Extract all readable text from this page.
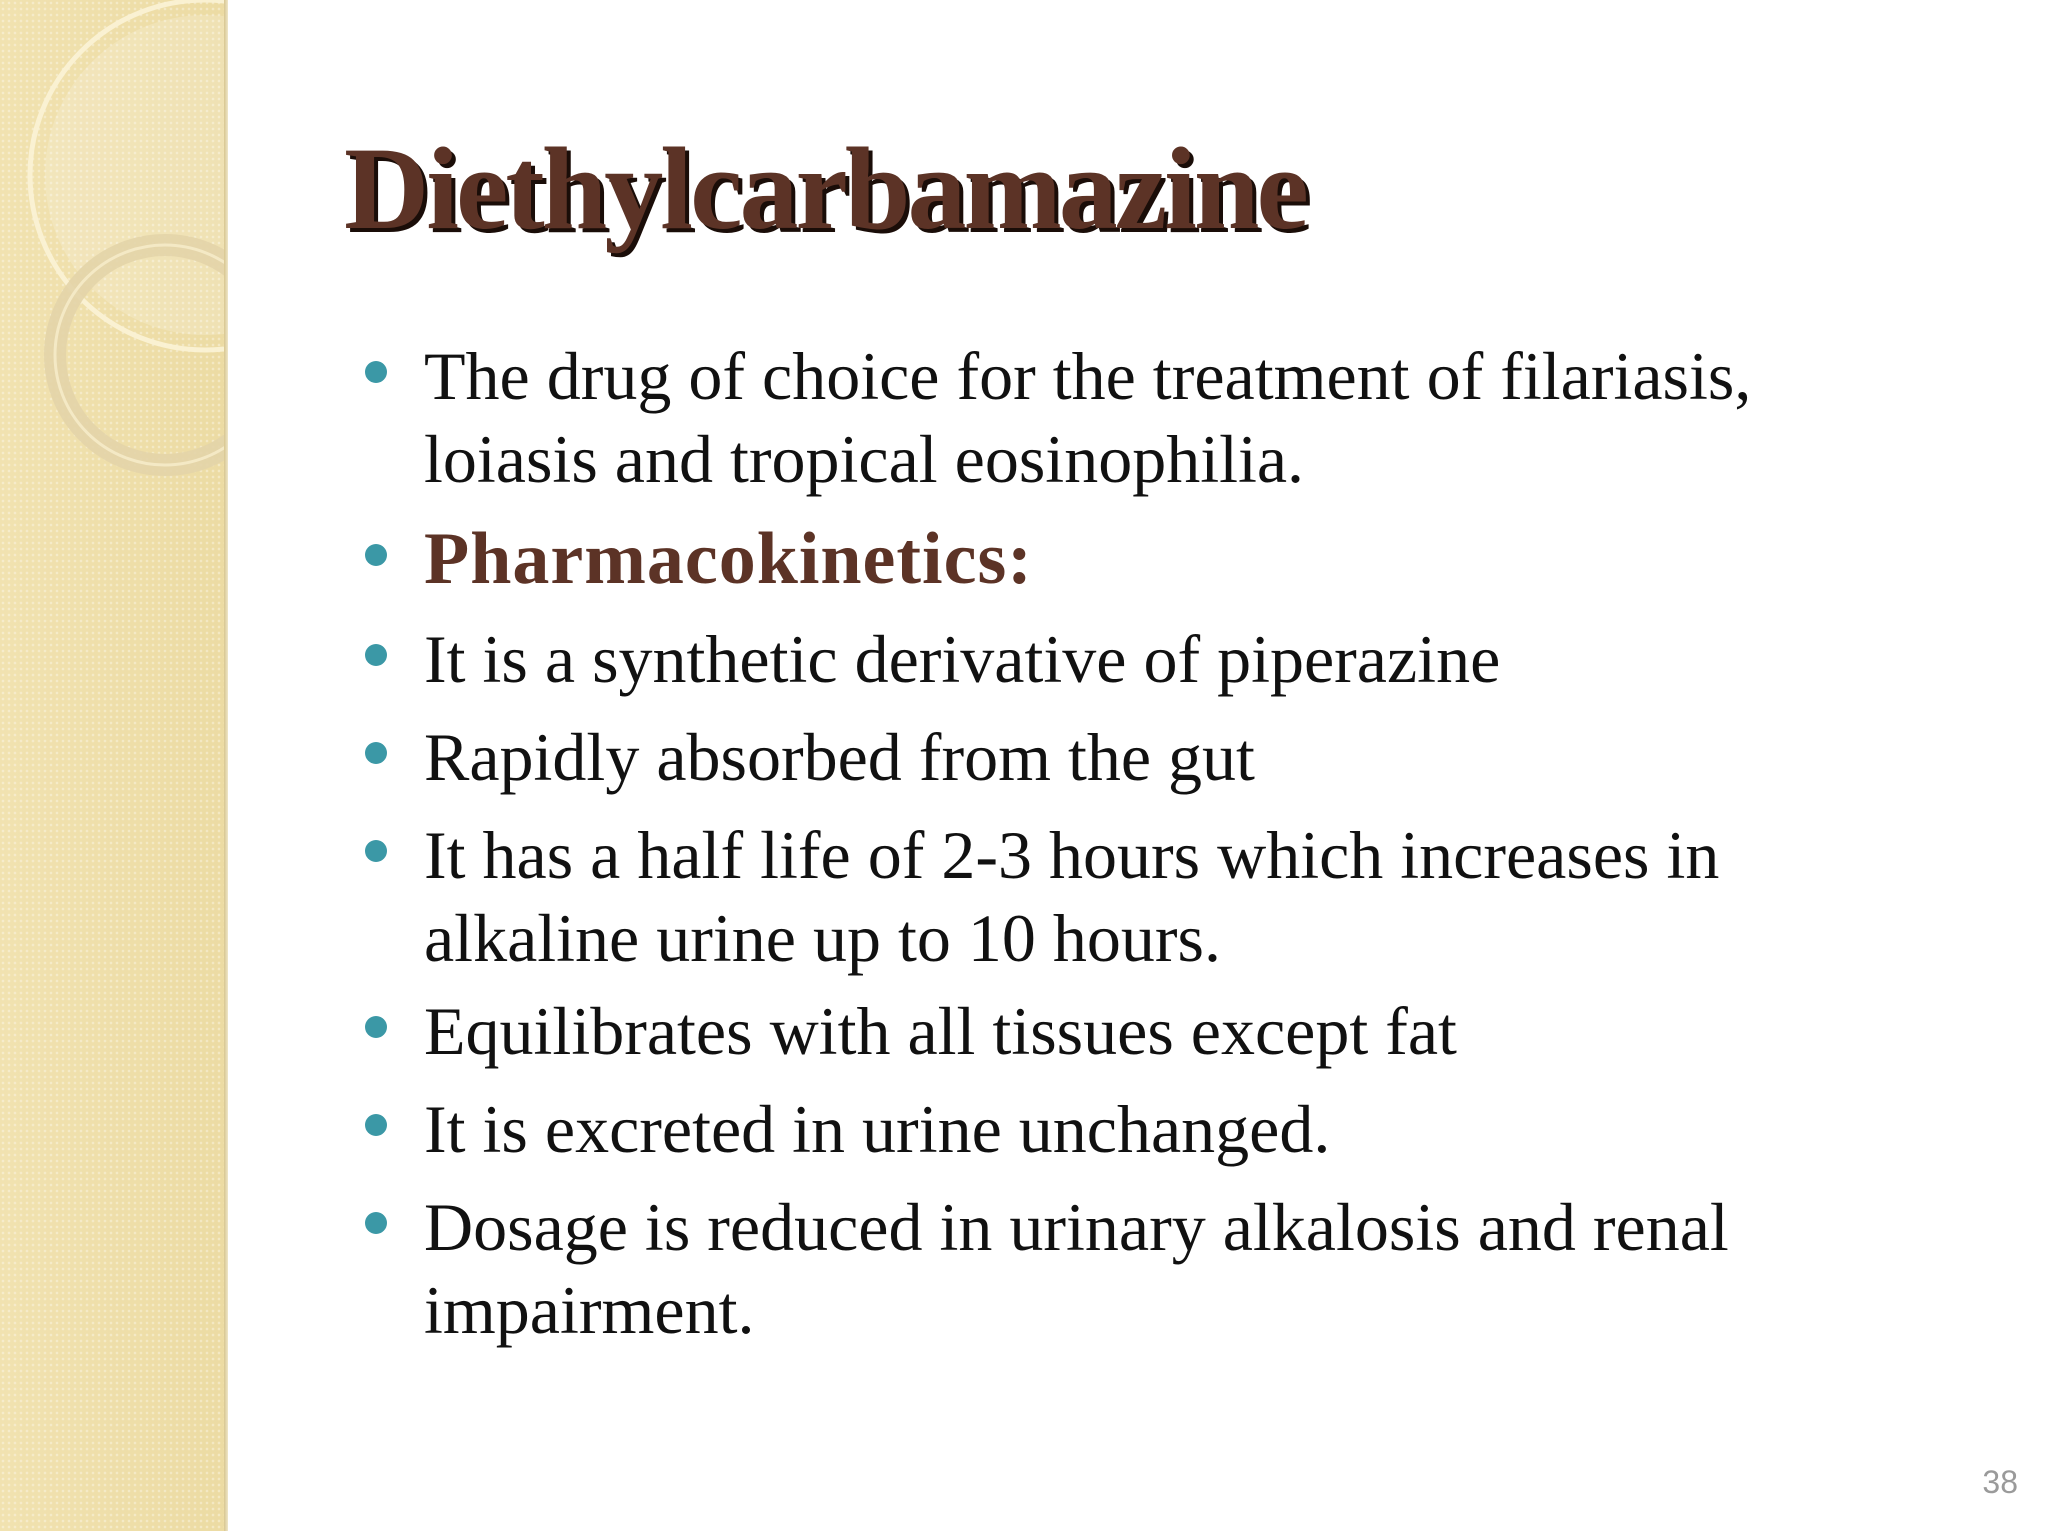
Diethylcarbamazine
The drug of choice for the treatment of filariasis, loiasis and tropical eosinophilia.
Pharmacokinetics:
It is a synthetic derivative of piperazine
Rapidly absorbed from the gut
It has a half life of 2-3 hours which increases in alkaline urine up to 10 hours.
Equilibrates with all tissues except fat
It is excreted in urine unchanged.
Dosage is reduced in urinary alkalosis and renal impairment.
38
